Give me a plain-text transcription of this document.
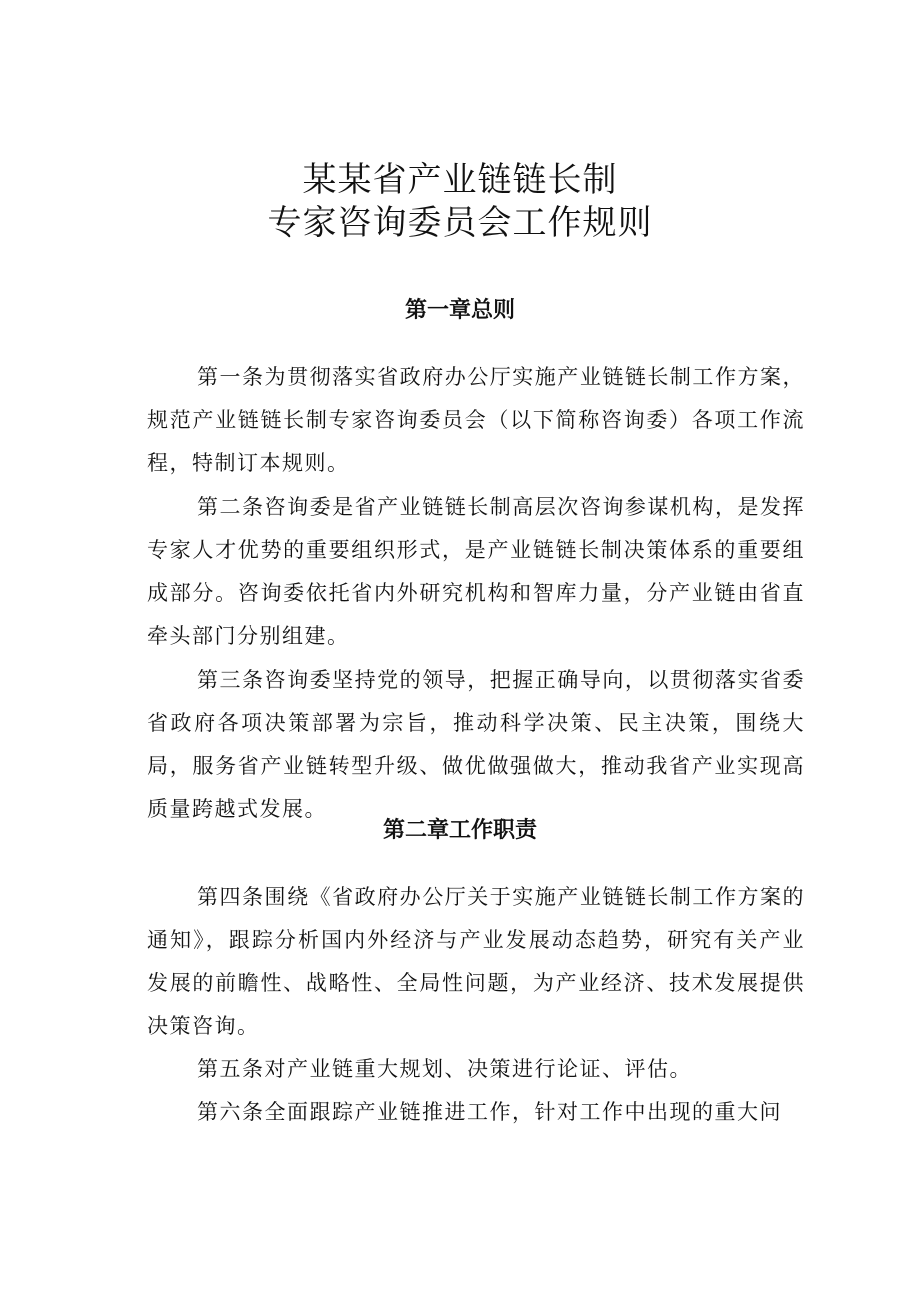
某某省产业链链长制
专家咨询委员会工作规则
第一章总则

第一条为贯彻落实省政府办公厅实施产业链链长制工作方案，规范产业链链长制专家咨询委员会（以下简称咨询委）各项工作流程，特制订本规则。

第二条咨询委是省产业链链长制高层次咨询参谋机构，是发挥专家人才优势的重要组织形式，是产业链链长制决策体系的重要组成部分。咨询委依托省内外研究机构和智库力量，分产业链由省直牵头部门分别组建。

第三条咨询委坚持党的领导，把握正确导向，以贯彻落实省委省政府各项决策部署为宗旨，推动科学决策、民主决策，围绕大局，服务省产业链转型升级、做优做强做大，推动我省产业实现高质量跨越式发展。

第二章工作职责

第四条围绕《省政府办公厅关于实施产业链链长制工作方案的通知》，跟踪分析国内外经济与产业发展动态趋势，研究有关产业发展的前瞻性、战略性、全局性问题，为产业经济、技术发展提供决策咨询。

第五条对产业链重大规划、决策进行论证、评估。

第六条全面跟踪产业链推进工作，针对工作中出现的重大问
